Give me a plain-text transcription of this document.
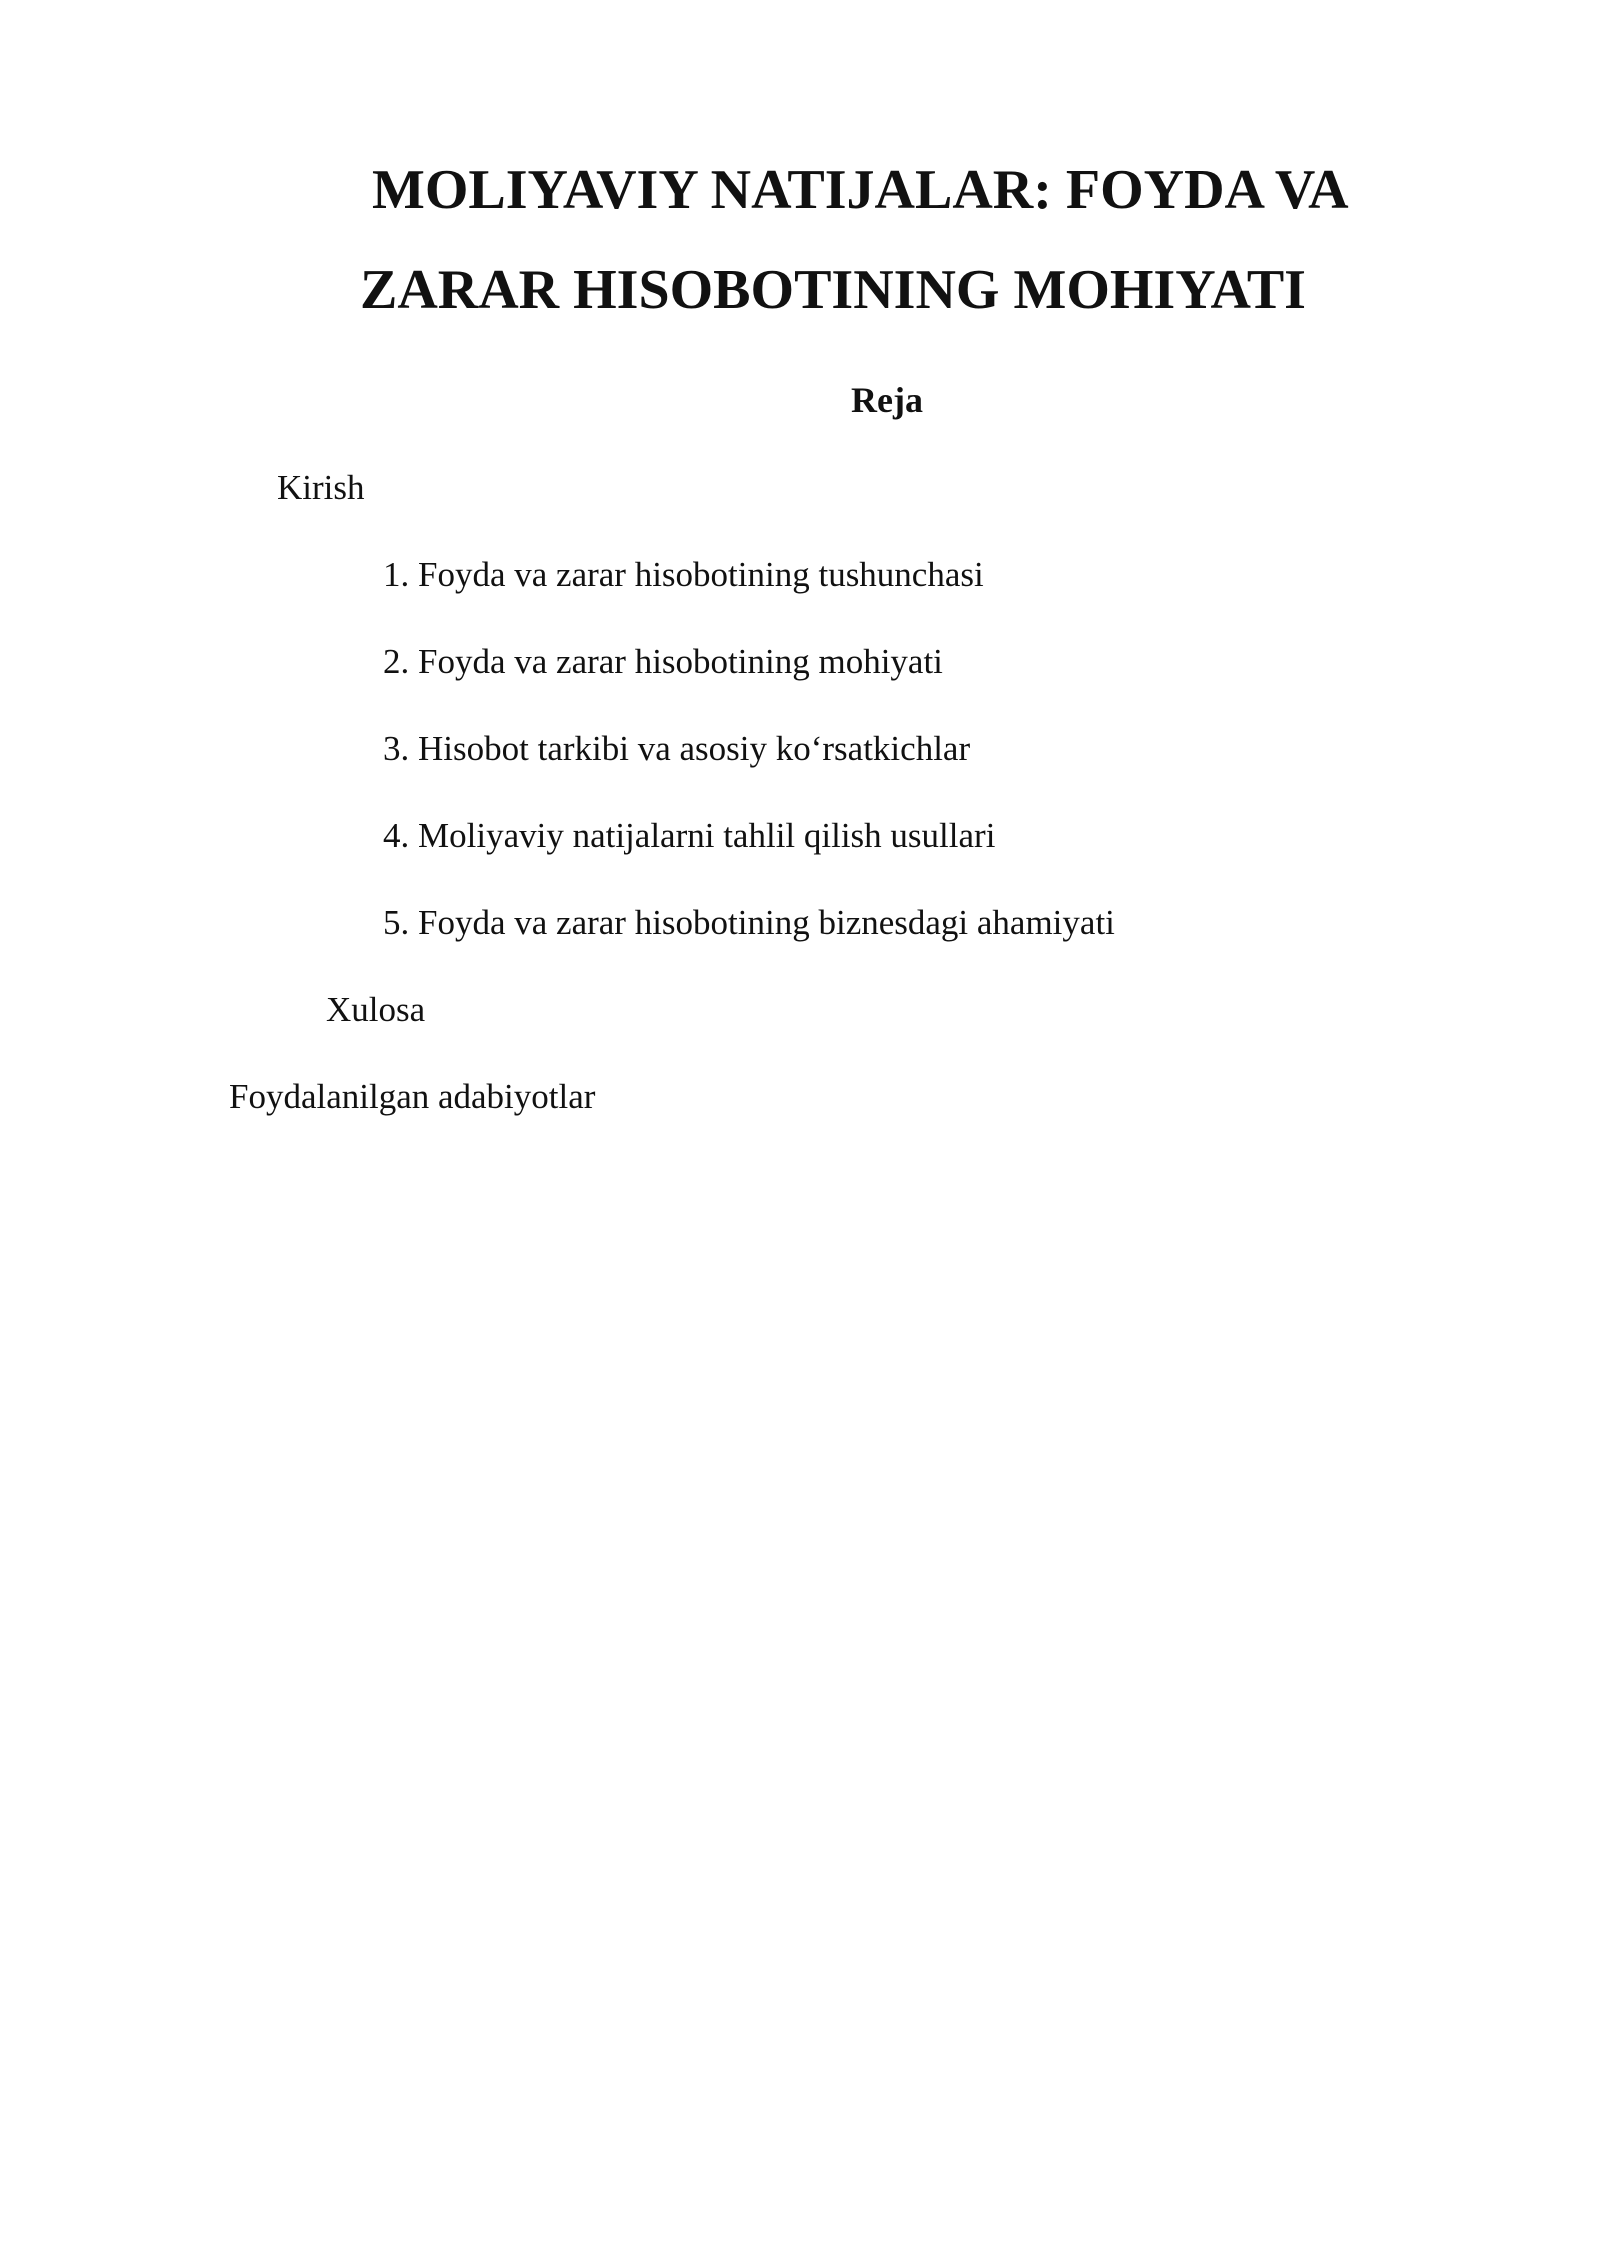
MOLIYAVIY NATIJALAR: FOYDA VA
ZARAR HISOBOTINING MOHIYATI
Reja
Kirish
1. Foyda va zarar hisobotining tushunchasi
2. Foyda va zarar hisobotining mohiyati
3. Hisobot tarkibi va asosiy ko‘rsatkichlar
4. Moliyaviy natijalarni tahlil qilish usullari
5. Foyda va zarar hisobotining biznesdagi ahamiyati
Xulosa
Foydalanilgan adabiyotlar
